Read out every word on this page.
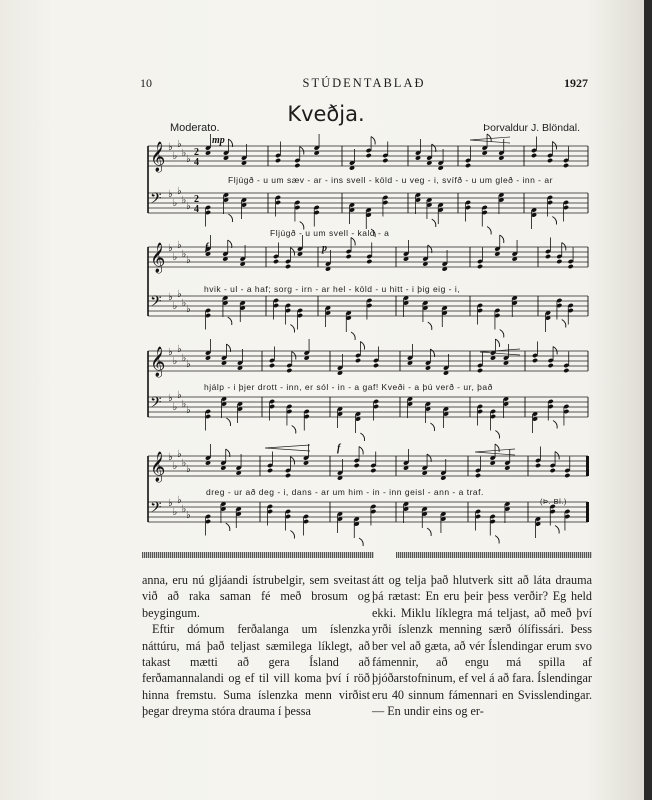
10	STÚDENTABLAÐ	1927
Kveðja.
Moderato.	Þorvaldur J. Blöndal.
𝄞 ♭
♭
♭
♭
♭
2
4
𝄢 ♭
♭
♭
♭
♭
2
4
𝄞 ♭
♭
♭
♭
♭
𝄢 ♭
♭
♭
♭
♭
𝄞 ♭
♭
♭
♭
♭
𝄢 ♭
♭
♭
♭
♭
𝄞 ♭
♭
♭
♭
♭
𝄢 ♭
♭
♭
♭
♭
mp
f	p
f
Fljúgð - u um sæv - ar - ins svell - köld - u veg - i, svífð - u um gleð - inn - ar
Fljúgð - u um svell - kald - a
hvik - ul - a haf; sorg - irn - ar hel - köld - u hitt - i þig eig - i,
hjálp - i þjer drott - inn, er sól - in - a gaf! Kveði - a þú verð - ur, það
dreg - ur að deg - i, dans - ar um him - in - inn geisl - ann - a traf.
(Þ. Bl.)

anna, eru nú gljáandi ístrubelgir, sem sveitast við að raka saman fé með brosum og beygingum.

Eftir dómum ferðalanga um íslenzka náttúru, má það teljast sæmilega líklegt, að takast mætti að gera Ísland að ferðamannalandi og ef til vill koma því í röð hinna fremstu. Suma íslenzka menn virðist þegar dreyma stóra drauma í þessa

átt og telja það hlutverk sitt að láta drauma þá rætast: En eru þeir þess verðir? Eg held ekki. Miklu líklegra má teljast, að með því yrði íslenzk menning særð ólífissári. Þess ber vel að gæta, að vér Íslendingar erum svo fámennir, að engu má spilla af þjóðarstofninum, ef vel á að fara. Íslendingar eru 40 sinnum fámennari en Svisslendingar. — En undir eins og er-
